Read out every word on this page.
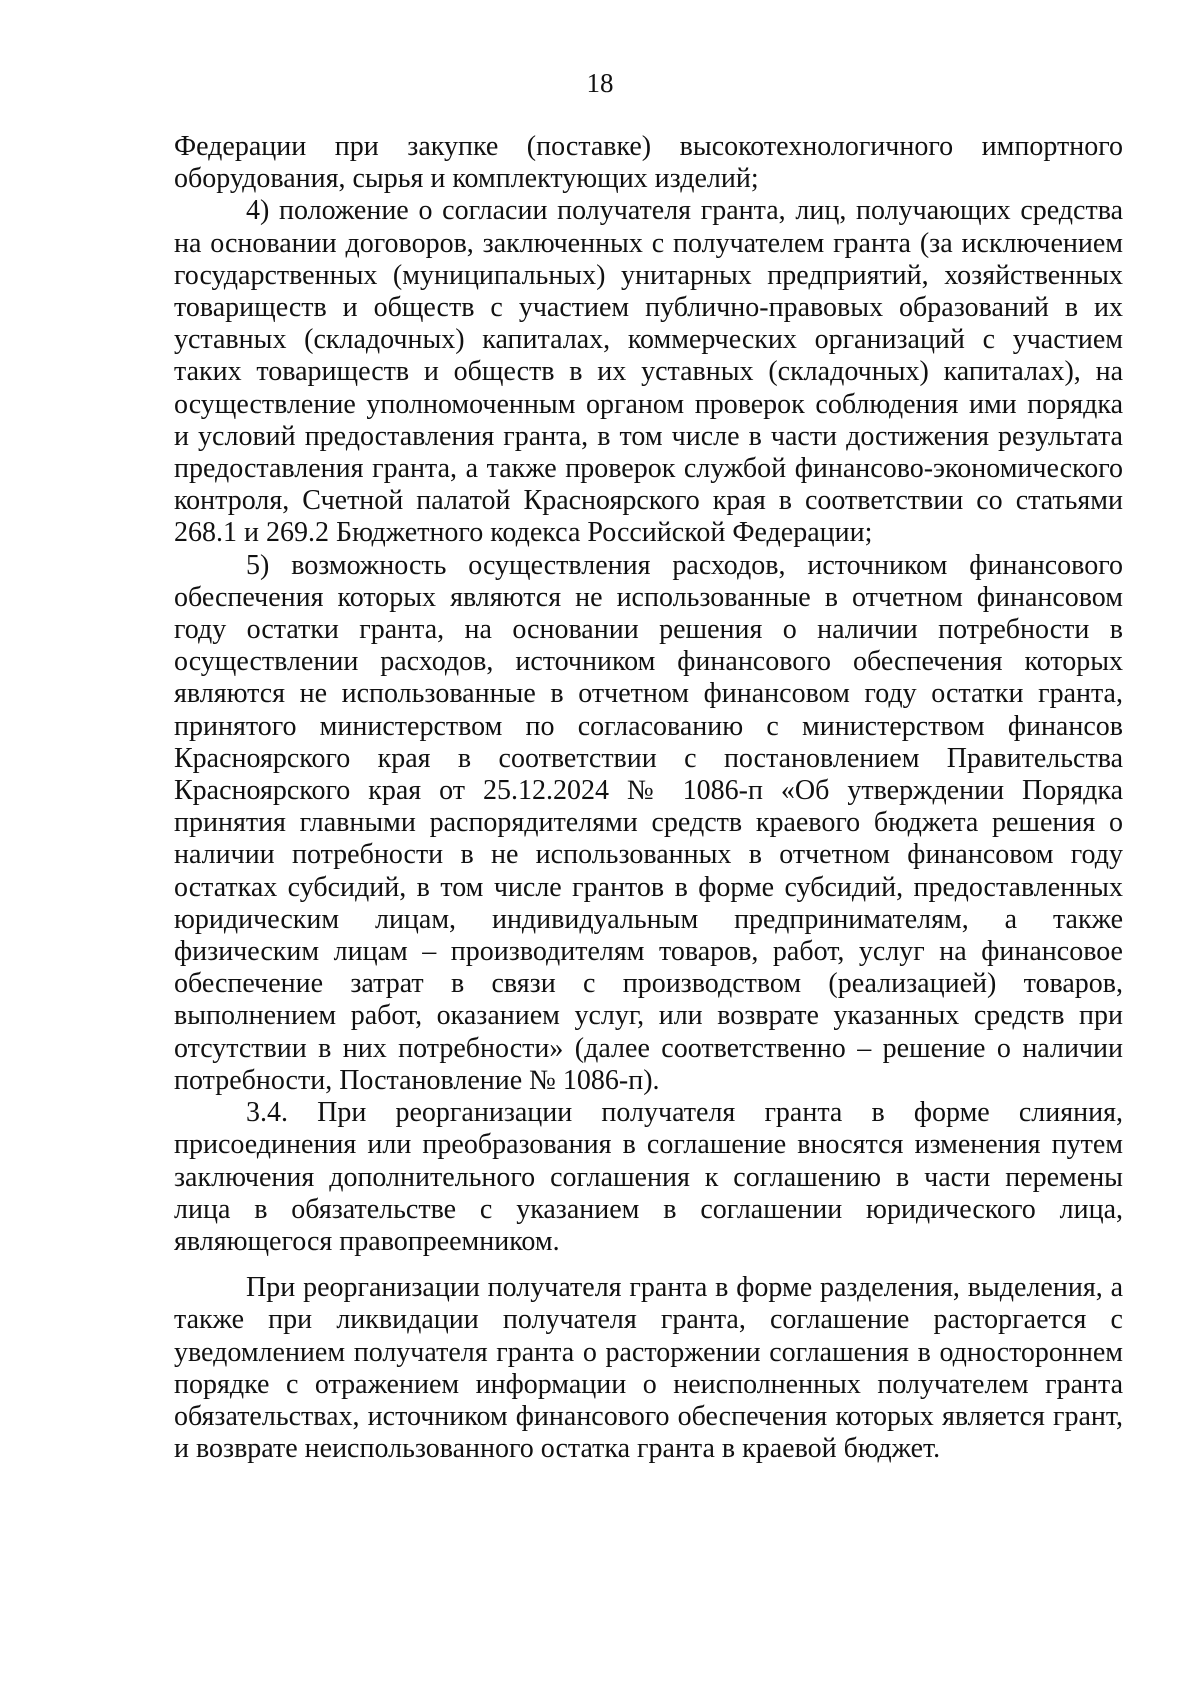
18

Федерации при закупке (поставке) высокотехнологичного импортного оборудования, сырья и комплектующих изделий;

4) положение о согласии получателя гранта, лиц, получающих средства на основании договоров, заключенных с получателем гранта (за исключением государственных (муниципальных) унитарных предприятий, хозяйственных товариществ и обществ с участием публично-правовых образований в их уставных (складочных) капиталах, коммерческих организаций с участием таких товариществ и обществ в их уставных (складочных) капиталах), на осуществление уполномоченным органом проверок соблюдения ими порядка и условий предоставления гранта, в том числе в части достижения результата предоставления гранта, а также проверок службой финансово-экономического контроля, Счетной палатой Красноярского края в соответствии со статьями 268.1 и 269.2 Бюджетного кодекса Российской Федерации;

5) возможность осуществления расходов, источником финансового обеспечения которых являются не использованные в отчетном финансовом году остатки гранта, на основании решения о наличии потребности в осуществлении расходов, источником финансового обеспечения которых являются не использованные в отчетном финансовом году остатки гранта, принятого министерством по согласованию с министерством финансов Красноярского края в соответствии с постановлением Правительства Красноярского края от 25.12.2024 № 1086-п «Об утверждении Порядка принятия главными распорядителями средств краевого бюджета решения о наличии потребности в не использованных в отчетном финансовом году остатках субсидий, в том числе грантов в форме субсидий, предоставленных юридическим лицам, индивидуальным предпринимателям, а также физическим лицам – производителям товаров, работ, услуг на финансовое обеспечение затрат в связи с производством (реализацией) товаров, выполнением работ, оказанием услуг, или возврате указанных средств при отсутствии в них потребности» (далее соответственно – решение о наличии потребности, Постановление № 1086-п).

3.4. При реорганизации получателя гранта в форме слияния, присоединения или преобразования в соглашение вносятся изменения путем заключения дополнительного соглашения к соглашению в части перемены лица в обязательстве с указанием в соглашении юридического лица, являющегося правопреемником.

При реорганизации получателя гранта в форме разделения, выделения, а также при ликвидации получателя гранта, соглашение расторгается с уведомлением получателя гранта о расторжении соглашения в одностороннем порядке с отражением информации о неисполненных получателем гранта обязательствах, источником финансового обеспечения которых является грант, и возврате неиспользованного остатка гранта в краевой бюджет.
